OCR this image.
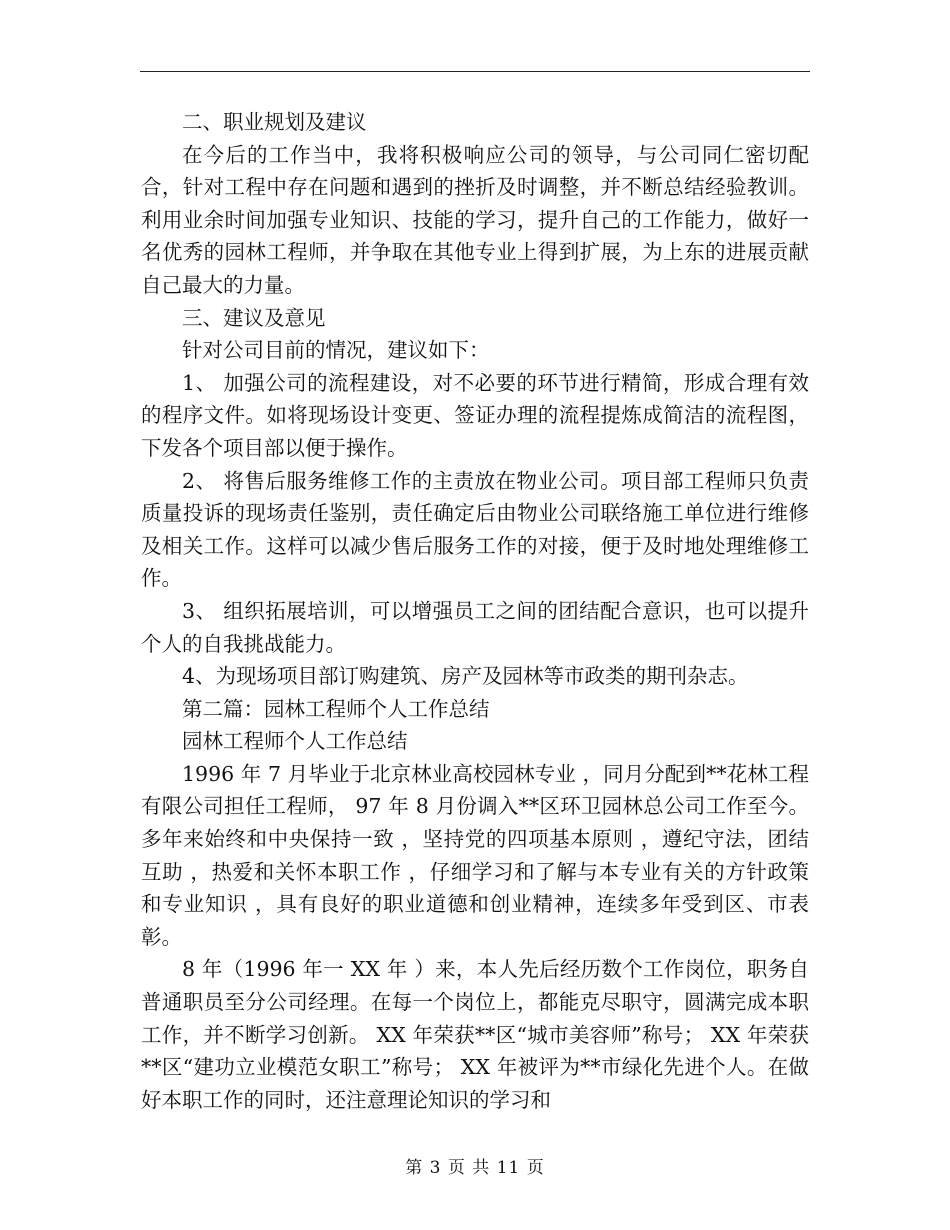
二、职业规划及建议

在今后的工作当中，我将积极响应公司的领导，与公司同仁密切配合，针对工程中存在问题和遇到的挫折及时调整，并不断总结经验教训。利用业余时间加强专业知识、技能的学习，提升自己的工作能力，做好一名优秀的园林工程师，并争取在其他专业上得到扩展，为上东的进展贡献自己最大的力量。

三、建议及意见

针对公司目前的情况，建议如下：

1、 加强公司的流程建设，对不必要的环节进行精简，形成合理有效的程序文件。如将现场设计变更、签证办理的流程提炼成简洁的流程图，下发各个项目部以便于操作。

2、 将售后服务维修工作的主责放在物业公司。项目部工程师只负责质量投诉的现场责任鉴别，责任确定后由物业公司联络施工单位进行维修及相关工作。这样可以减少售后服务工作的对接，便于及时地处理维修工作。

3、 组织拓展培训，可以增强员工之间的团结配合意识，也可以提升个人的自我挑战能力。

4、为现场项目部订购建筑、房产及园林等市政类的期刊杂志。

第二篇：园林工程师个人工作总结

园林工程师个人工作总结

1996 年 7 月毕业于北京林业高校园林专业 ，同月分配到**花林工程有限公司担任工程师， 97 年 8 月份调入**区环卫园林总公司工作至今。多年来始终和中央保持一致 ，坚持党的四项基本原则 ，遵纪守法，团结互助 ，热爱和关怀本职工作 ，仔细学习和了解与本专业有关的方针政策和专业知识 ，具有良好的职业道德和创业精神，连续多年受到区、市表彰。

8 年（1996 年一 XX 年 ）来，本人先后经历数个工作岗位，职务自普通职员至分公司经理。在每一个岗位上，都能克尽职守，圆满完成本职工作，并不断学习创新。 XX 年荣获**区“城市美容师”称号； XX 年荣获**区“建功立业模范女职工”称号； XX 年被评为**市绿化先进个人。在做好本职工作的同时，还注意理论知识的学习和

第 3 页 共 11 页
